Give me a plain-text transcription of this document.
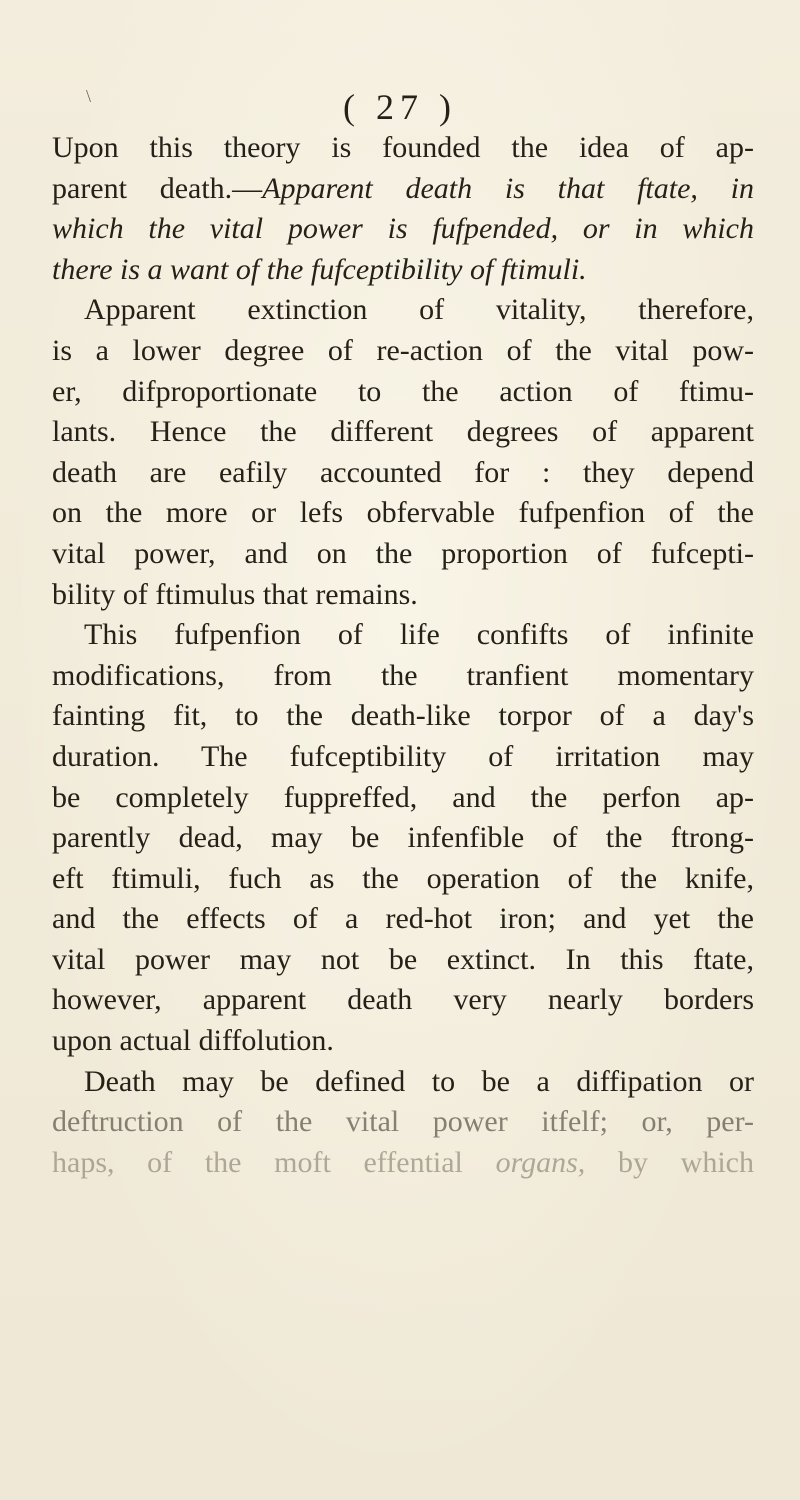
\	( 27 )
Upon this theory is founded the idea of ap-
parent death.—Apparent death is that ftate, in
which the vital power is fufpended, or in which
there is a want of the fufceptibility of ftimuli.
Apparent extinction of vitality, therefore,
is a lower degree of re-action of the vital pow-
er, difproportionate to the action of ftimu-
lants. Hence the different degrees of apparent
death are eafily accounted for : they depend
on the more or lefs obfervable fufpenfion of the
vital power, and on the proportion of fufcepti-
bility of ftimulus that remains.
This fufpenfion of life confifts of infinite
modifications, from the tranfient momentary
fainting fit, to the death-like torpor of a day's
duration. The fufceptibility of irritation may
be completely fuppreffed, and the perfon ap-
parently dead, may be infenfible of the ftrong-
eft ftimuli, fuch as the operation of the knife,
and the effects of a red-hot iron; and yet the
vital power may not be extinct. In this ftate,
however, apparent death very nearly borders
upon actual diffolution.
Death may be defined to be a diffipation or
deftruction of the vital power itfelf; or, per-
haps, of the moft effential organs, by which
